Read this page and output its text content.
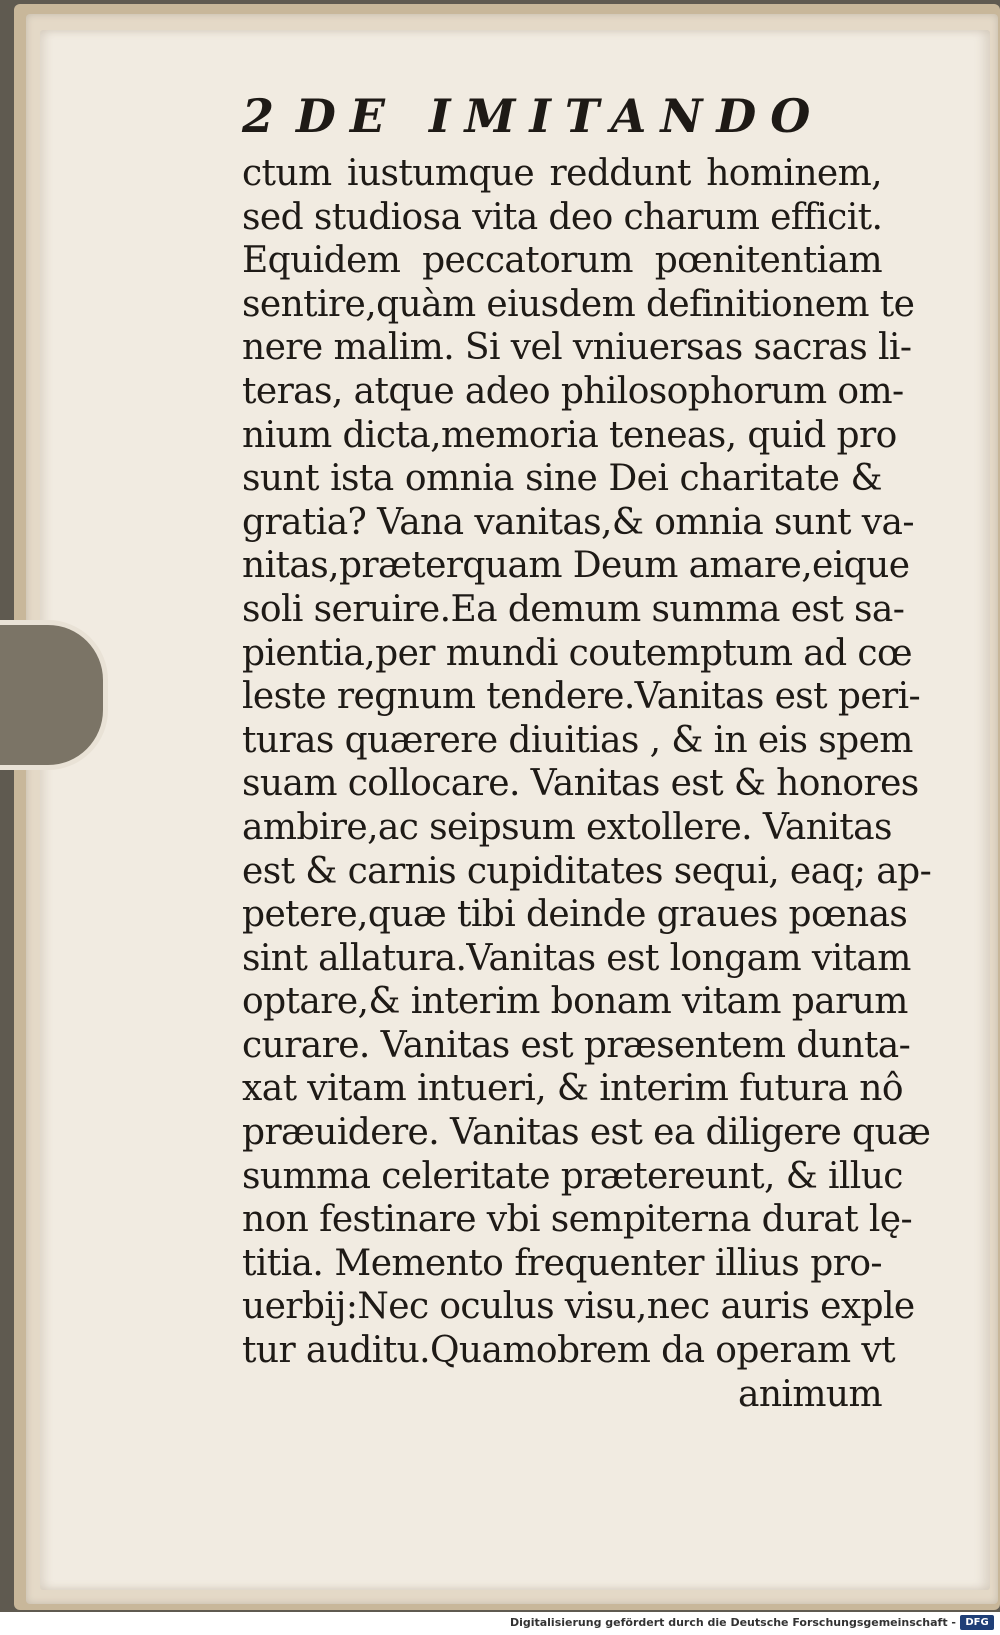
2 DE IMITANDO
ctum iustumque reddunt hominem,
sed studiosa vita deo charum efficit.
Equidem peccatorum pœnitentiam
sentire,quàm eiusdem definitionem te
nere malim. Si vel vniuersas sacras li-
teras, atque adeo philosophorum om-
nium dicta,memoria teneas, quid pro
sunt ista omnia sine Dei charitate &
gratia? Vana vanitas,& omnia sunt va-
nitas,præterquam Deum amare,eique
soli seruire.Ea demum summa est sa-
pientia,per mundi coutemptum ad cœ
leste regnum tendere.Vanitas est peri-
turas quærere diuitias , & in eis spem
suam collocare. Vanitas est & honores
ambire,ac seipsum extollere. Vanitas
est & carnis cupiditates sequi, eaq; ap-
petere,quæ tibi deinde graues pœnas
sint allatura.Vanitas est longam vitam
optare,& interim bonam vitam parum
curare. Vanitas est præsentem dunta-
xat vitam intueri, & interim futura nô
præuidere. Vanitas est ea diligere quæ
summa celeritate prætereunt, & illuc
non festinare vbi sempiterna durat lę-
titia. Memento frequenter illius pro-
uerbij:Nec oculus visu,nec auris exple
tur auditu.Quamobrem da operam vt
animum
Digitalisierung gefördert durch die Deutsche Forschungsgemeinschaft - DFG
